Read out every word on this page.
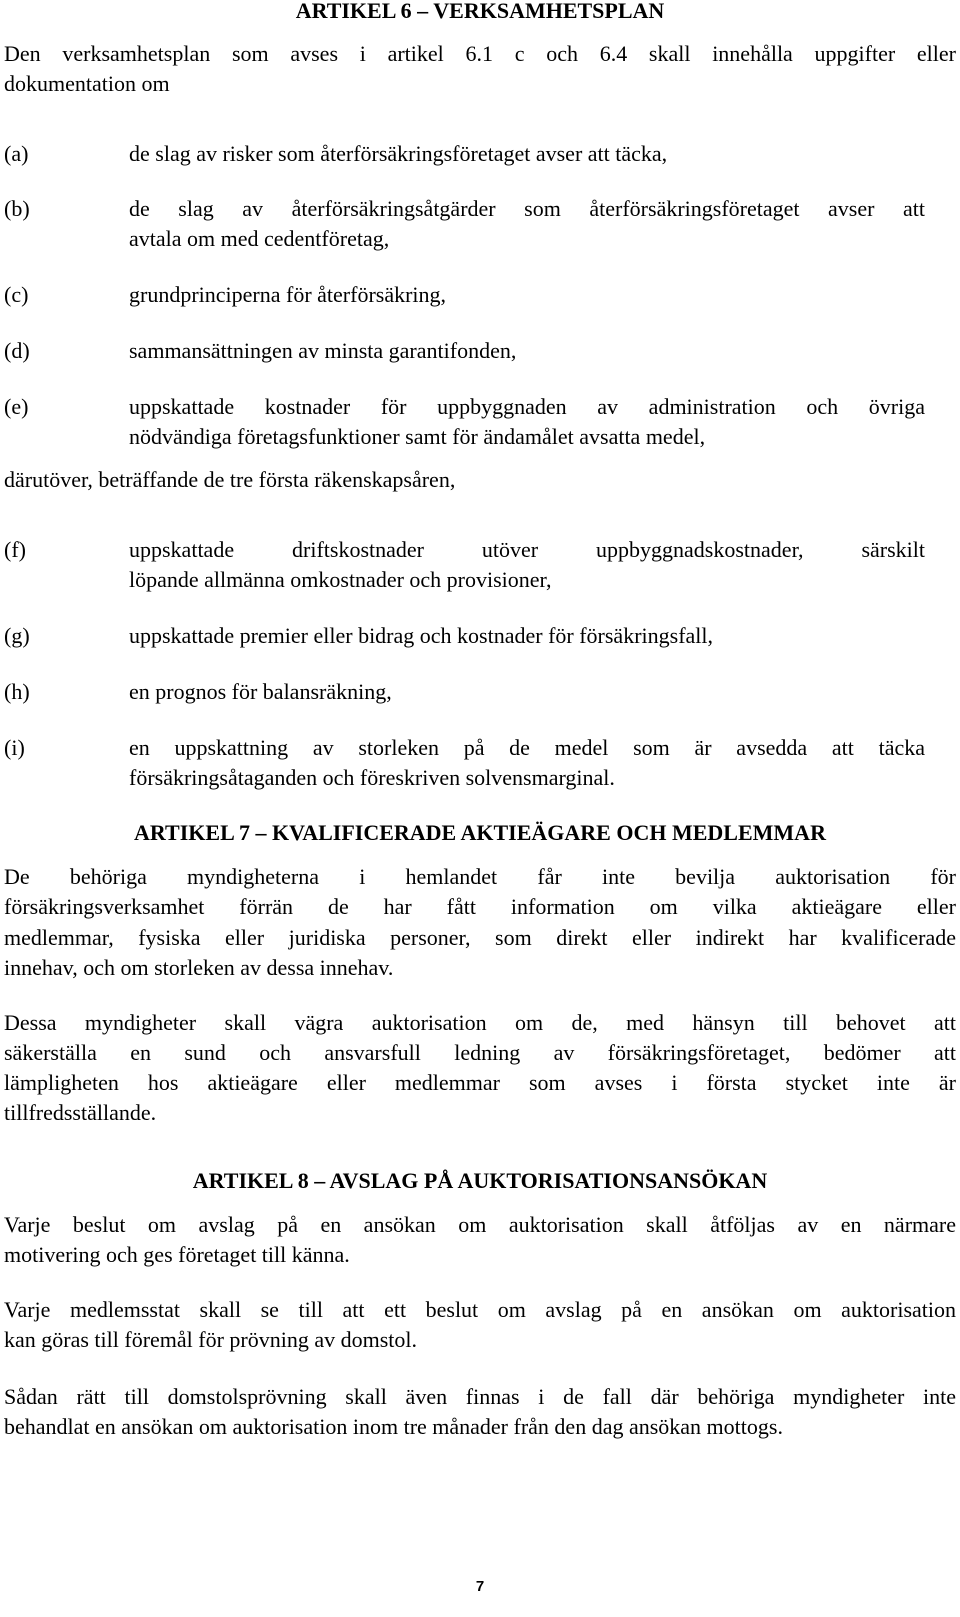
ARTIKEL 6 – VERKSAMHETSPLAN
Den verksamhetsplan som avses i artikel 6.1 c och 6.4 skall innehålla uppgifter eller
dokumentation om
(a)	de slag av risker som återförsäkringsföretaget avser att täcka,
(b)	de slag av återförsäkringsåtgärder som återförsäkringsföretaget avser att
avtala om med cedentföretag,
(c)	grundprinciperna för återförsäkring,
(d)	sammansättningen av minsta garantifonden,
(e)	uppskattade kostnader för uppbyggnaden av administration och övriga
nödvändiga företagsfunktioner samt för ändamålet avsatta medel,
därutöver, beträffande de tre första räkenskapsåren,
(f)	uppskattade driftskostnader utöver uppbyggnadskostnader, särskilt
löpande allmänna omkostnader och provisioner,
(g)	uppskattade premier eller bidrag och kostnader för försäkringsfall,
(h)	en prognos för balansräkning,
(i)	en uppskattning av storleken på de medel som är avsedda att täcka
försäkringsåtaganden och föreskriven solvensmarginal.
ARTIKEL 7 – KVALIFICERADE AKTIEÄGARE OCH MEDLEMMAR
De behöriga myndigheterna i hemlandet får inte bevilja auktorisation för
försäkringsverksamhet förrän de har fått information om vilka aktieägare eller
medlemmar, fysiska eller juridiska personer, som direkt eller indirekt har kvalificerade
innehav, och om storleken av dessa innehav.
Dessa myndigheter skall vägra auktorisation om de, med hänsyn till behovet att
säkerställa en sund och ansvarsfull ledning av försäkringsföretaget, bedömer att
lämpligheten hos aktieägare eller medlemmar som avses i första stycket inte är
tillfredsställande.
ARTIKEL 8 – AVSLAG PÅ AUKTORISATIONSANSÖKAN
Varje beslut om avslag på en ansökan om auktorisation skall åtföljas av en närmare
motivering och ges företaget till känna.
Varje medlemsstat skall se till att ett beslut om avslag på en ansökan om auktorisation
kan göras till föremål för prövning av domstol.
Sådan rätt till domstolsprövning skall även finnas i de fall där behöriga myndigheter inte
behandlat en ansökan om auktorisation inom tre månader från den dag ansökan mottogs.
7
